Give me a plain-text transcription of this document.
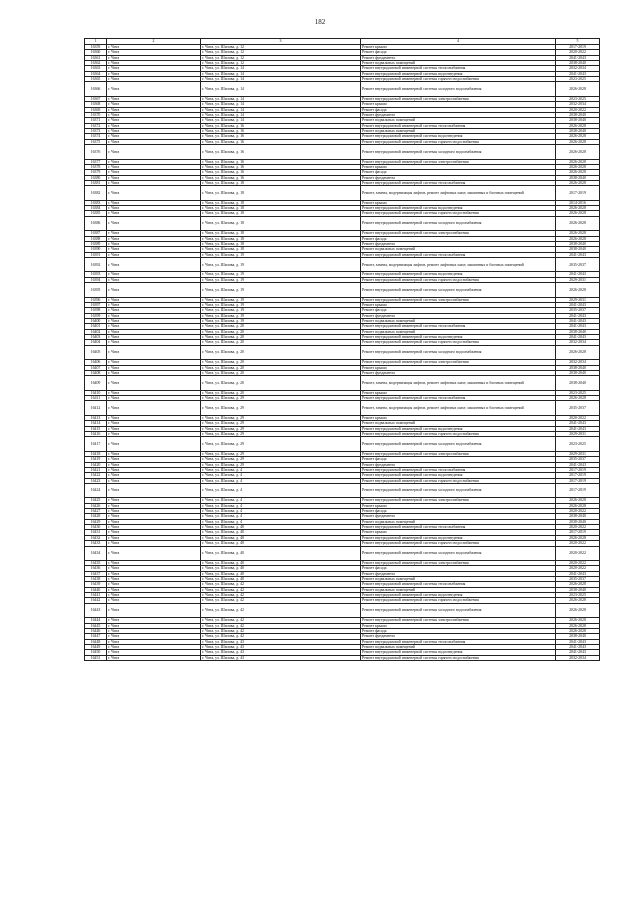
182
1	2	3	4	5
16359	г. Чита	г. Чита, ул. Шилова, д. 12	Ремонт крыши	2017-2019
16360	г. Чита	г. Чита, ул. Шилова, д. 12	Ремонт фасада	2020-2022
16361	г. Чита	г. Чита, ул. Шилова, д. 12	Ремонт фундамента	2041-2043
16362	г. Чита	г. Чита, ул. Шилова, д. 12	Ремонт подвальных помещений	2038-2040
16363	г. Чита	г. Чита, ул. Шилова, д. 14	Ремонт внутридомовой инженерной системы теплоснабжения	2032-2034
16364	г. Чита	г. Чита, ул. Шилова, д. 14	Ремонт внутридомовой инженерной системы водоотведения	2041-2043
16365	г. Чита	г. Чита, ул. Шилова, д. 14	Ремонт внутридомовой инженерной системы горячего водоснабжения	2023-2025
16366	г. Чита	г. Чита, ул. Шилова, д. 14	Ремонт внутридомовой инженерной системы холодного водоснабжения	2026-2028
16367	г. Чита	г. Чита, ул. Шилова, д. 14	Ремонт внутридомовой инженерной системы электроснабжения	2023-2025
16368	г. Чита	г. Чита, ул. Шилова, д. 14	Ремонт крыши	2032-2034
16369	г. Чита	г. Чита, ул. Шилова, д. 14	Ремонт фасада	2020-2022
16370	г. Чита	г. Чита, ул. Шилова, д. 14	Ремонт фундамента	2038-2040
16371	г. Чита	г. Чита, ул. Шилова, д. 14	Ремонт подвальных помещений	2038-2040
16372	г. Чита	г. Чита, ул. Шилова, д. 16	Ремонт внутридомовой инженерной системы теплоснабжения	2026-2028
16373	г. Чита	г. Чита, ул. Шилова, д. 16	Ремонт подвальных помещений	2038-2040
16374	г. Чита	г. Чита, ул. Шилова, д. 16	Ремонт внутридомовой инженерной системы водоотведения	2026-2028
16375	г. Чита	г. Чита, ул. Шилова, д. 16	Ремонт внутридомовой инженерной системы горячего водоснабжения	2026-2028
16376	г. Чита	г. Чита, ул. Шилова, д. 16	Ремонт внутридомовой инженерной системы холодного водоснабжения	2026-2028
16377	г. Чита	г. Чита, ул. Шилова, д. 16	Ремонт внутридомовой инженерной системы электроснабжения	2026-2028
16378	г. Чита	г. Чита, ул. Шилова, д. 16	Ремонт крыши	2026-2028
16379	г. Чита	г. Чита, ул. Шилова, д. 16	Ремонт фасада	2026-2028
16380	г. Чита	г. Чита, ул. Шилова, д. 16	Ремонт фундамента	2038-2040
16381	г. Чита	г. Чита, ул. Шилова, д. 18	Ремонт внутридомовой инженерной системы теплоснабжения	2026-2028
16382	г. Чита	г. Чита, ул. Шилова, д. 18	Ремонт, замена, модернизация лифтов, ремонт лифтовых шахт, машинных и блочных помещений	2017-2019
16383	г. Чита	г. Чита, ул. Шилова, д. 18	Ремонт крыши	2014-2016
16384	г. Чита	г. Чита, ул. Шилова, д. 18	Ремонт внутридомовой инженерной системы водоотведения	2026-2028
16385	г. Чита	г. Чита, ул. Шилова, д. 18	Ремонт внутридомовой инженерной системы горячего водоснабжения	2026-2028
16386	г. Чита	г. Чита, ул. Шилова, д. 18	Ремонт внутридомовой инженерной системы холодного водоснабжения	2026-2028
16387	г. Чита	г. Чита, ул. Шилова, д. 18	Ремонт внутридомовой инженерной системы электроснабжения	2026-2028
16388	г. Чита	г. Чита, ул. Шилова, д. 18	Ремонт фасада	2026-2028
16389	г. Чита	г. Чита, ул. Шилова, д. 18	Ремонт фундамента	2038-2040
16390	г. Чита	г. Чита, ул. Шилова, д. 18	Ремонт подвальных помещений	2038-2040
16391	г. Чита	г. Чита, ул. Шилова, д. 19	Ремонт внутридомовой инженерной системы теплоснабжения	2041-2043
16392	г. Чита	г. Чита, ул. Шилова, д. 19	Ремонт, замена, модернизация лифтов, ремонт лифтовых шахт, машинных и блочных помещений	2035-2037
16393	г. Чита	г. Чита, ул. Шилова, д. 19	Ремонт внутридомовой инженерной системы водоотведения	2041-2043
16394	г. Чита	г. Чита, ул. Шилова, д. 19	Ремонт внутридомовой инженерной системы горячего водоснабжения	2029-2031
16395	г. Чита	г. Чита, ул. Шилова, д. 19	Ремонт внутридомовой инженерной системы холодного водоснабжения	2026-2028
16396	г. Чита	г. Чита, ул. Шилова, д. 19	Ремонт внутридомовой инженерной системы электроснабжения	2029-2031
16397	г. Чита	г. Чита, ул. Шилова, д. 19	Ремонт крыши	2041-2043
16398	г. Чита	г. Чита, ул. Шилова, д. 19	Ремонт фасада	2035-2037
16399	г. Чита	г. Чита, ул. Шилова, д. 19	Ремонт фундамента	2041-2043
16400	г. Чита	г. Чита, ул. Шилова, д. 19	Ремонт подвальных помещений	2041-2043
16401	г. Чита	г. Чита, ул. Шилова, д. 20	Ремонт внутридомовой инженерной системы теплоснабжения	2041-2043
16402	г. Чита	г. Чита, ул. Шилова, д. 20	Ремонт подвальных помещений	2038-2040
16403	г. Чита	г. Чита, ул. Шилова, д. 20	Ремонт внутридомовой инженерной системы водоотведения	2041-2043
16404	г. Чита	г. Чита, ул. Шилова, д. 20	Ремонт внутридомовой инженерной системы горячего водоснабжения	2032-2034
16405	г. Чита	г. Чита, ул. Шилова, д. 20	Ремонт внутридомовой инженерной системы холодного водоснабжения	2026-2028
16406	г. Чита	г. Чита, ул. Шилова, д. 20	Ремонт внутридомовой инженерной системы электроснабжения	2032-2034
16407	г. Чита	г. Чита, ул. Шилова, д. 20	Ремонт крыши	2038-2040
16408	г. Чита	г. Чита, ул. Шилова, д. 20	Ремонт фундамента	2038-2040
16409	г. Чита	г. Чита, ул. Шилова, д. 20	Ремонт, замена, модернизация лифтов, ремонт лифтовых шахт, машинных и блочных помещений	2038-2040
16410	г. Чита	г. Чита, ул. Шилова, д. 20	Ремонт крыши	2023-2025
16411	г. Чита	г. Чита, ул. Шилова, д. 29	Ремонт внутридомовой инженерной системы теплоснабжения	2026-2028
16412	г. Чита	г. Чита, ул. Шилова, д. 29	Ремонт, замена, модернизация лифтов, ремонт лифтовых шахт, машинных и блочных помещений	2035-2037
16413	г. Чита	г. Чита, ул. Шилова, д. 29	Ремонт крыши	2020-2022
16414	г. Чита	г. Чита, ул. Шилова, д. 29	Ремонт подвальных помещений	2041-2043
16415	г. Чита	г. Чита, ул. Шилова, д. 29	Ремонт внутридомовой инженерной системы водоотведения	2041-2043
16416	г. Чита	г. Чита, ул. Шилова, д. 29	Ремонт внутридомовой инженерной системы горячего водоснабжения	2029-2031
16417	г. Чита	г. Чита, ул. Шилова, д. 29	Ремонт внутридомовой инженерной системы холодного водоснабжения	2023-2025
16418	г. Чита	г. Чита, ул. Шилова, д. 29	Ремонт внутридомовой инженерной системы электроснабжения	2029-2031
16419	г. Чита	г. Чита, ул. Шилова, д. 29	Ремонт фасада	2035-2037
16420	г. Чита	г. Чита, ул. Шилова, д. 29	Ремонт фундамента	2041-2043
16421	г. Чита	г. Чита, ул. Шилова, д. 4	Ремонт внутридомовой инженерной системы теплоснабжения	2017-2019
16422	г. Чита	г. Чита, ул. Шилова, д. 4	Ремонт внутридомовой инженерной системы водоотведения	2017-2019
16423	г. Чита	г. Чита, ул. Шилова, д. 4	Ремонт внутридомовой инженерной системы горячего водоснабжения	2017-2019
16424	г. Чита	г. Чита, ул. Шилова, д. 4	Ремонт внутридомовой инженерной системы холодного водоснабжения	2017-2019
16425	г. Чита	г. Чита, ул. Шилова, д. 4	Ремонт внутридомовой инженерной системы электроснабжения	2026-2028
16426	г. Чита	г. Чита, ул. Шилова, д. 4	Ремонт крыши	2026-2028
16427	г. Чита	г. Чита, ул. Шилова, д. 4	Ремонт фасада	2020-2022
16428	г. Чита	г. Чита, ул. Шилова, д. 4	Ремонт фундамента	2038-2040
16429	г. Чита	г. Чита, ул. Шилова, д. 4	Ремонт подвальных помещений	2038-2040
16430	г. Чита	г. Чита, ул. Шилова, д. 40	Ремонт внутридомовой инженерной системы теплоснабжения	2020-2022
16431	г. Чита	г. Чита, ул. Шилова, д. 40	Ремонт крыши	2017-2019
16432	г. Чита	г. Чита, ул. Шилова, д. 40	Ремонт внутридомовой инженерной системы водоотведения	2026-2028
16433	г. Чита	г. Чита, ул. Шилова, д. 40	Ремонт внутридомовой инженерной системы горячего водоснабжения	2020-2022
16434	г. Чита	г. Чита, ул. Шилова, д. 40	Ремонт внутридомовой инженерной системы холодного водоснабжения	2020-2022
16435	г. Чита	г. Чита, ул. Шилова, д. 40	Ремонт внутридомовой инженерной системы электроснабжения	2020-2022
16436	г. Чита	г. Чита, ул. Шилова, д. 40	Ремонт фасада	2020-2022
16437	г. Чита	г. Чита, ул. Шилова, д. 40	Ремонт фундамента	2041-2043
16438	г. Чита	г. Чита, ул. Шилова, д. 40	Ремонт подвальных помещений	2035-2037
16439	г. Чита	г. Чита, ул. Шилова, д. 42	Ремонт внутридомовой инженерной системы теплоснабжения	2026-2028
16440	г. Чита	г. Чита, ул. Шилова, д. 42	Ремонт подвальных помещений	2038-2040
16441	г. Чита	г. Чита, ул. Шилова, д. 42	Ремонт внутридомовой инженерной системы водоотведения	2023-2025
16442	г. Чита	г. Чита, ул. Шилова, д. 42	Ремонт внутридомовой инженерной системы горячего водоснабжения	2026-2028
16443	г. Чита	г. Чита, ул. Шилова, д. 42	Ремонт внутридомовой инженерной системы холодного водоснабжения	2026-2028
16444	г. Чита	г. Чита, ул. Шилова, д. 42	Ремонт внутридомовой инженерной системы электроснабжения	2026-2028
16445	г. Чита	г. Чита, ул. Шилова, д. 42	Ремонт крыши	2026-2028
16446	г. Чита	г. Чита, ул. Шилова, д. 42	Ремонт фасада	2026-2028
16447	г. Чита	г. Чита, ул. Шилова, д. 42	Ремонт фундамента	2038-2040
16448	г. Чита	г. Чита, ул. Шилова, д. 43	Ремонт внутридомовой инженерной системы теплоснабжения	2041-2043
16449	г. Чита	г. Чита, ул. Шилова, д. 43	Ремонт подвальных помещений	2041-2043
16450	г. Чита	г. Чита, ул. Шилова, д. 43	Ремонт внутридомовой инженерной системы водоотведения	2041-2043
16451	г. Чита	г. Чита, ул. Шилова, д. 43	Ремонт внутридомовой инженерной системы горячего водоснабжения	2032-2034
